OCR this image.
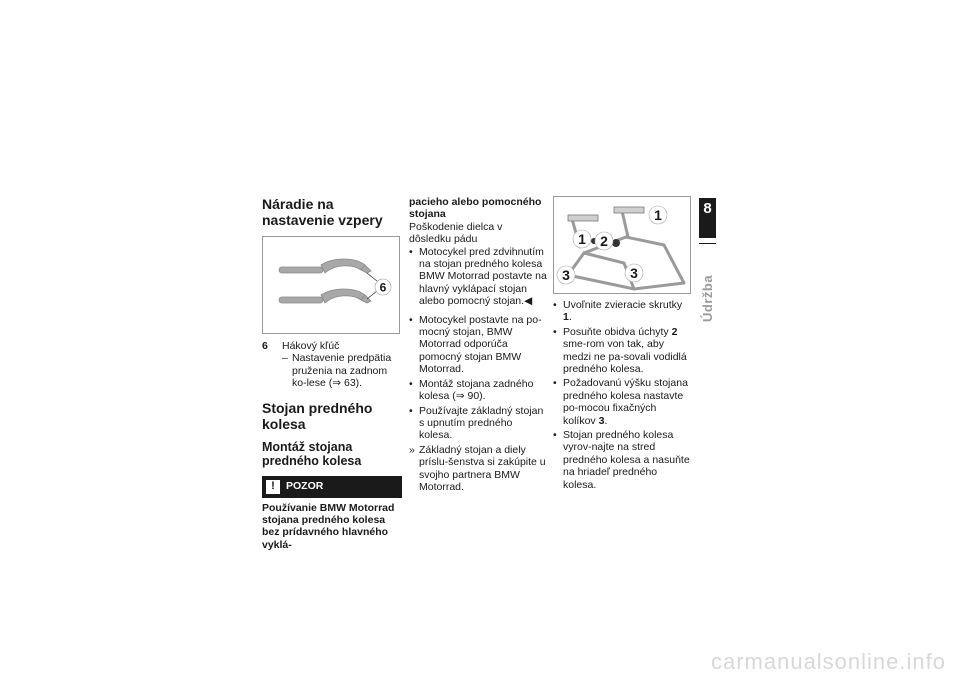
Náradie na nastavenie vzpery
6
6	Hákový kľúč
– Nastavenie predpätia pruženia na zadnom ko-lese (⇒ 63).
Stojan predného kolesa
Montáž stojana predného kolesa
!	POZOR
Používanie BMW Motorrad stojana predného kolesa bez prídavného hlavného vyklá-
pacieho alebo pomocného stojana
Poškodenie dielca v dôsledku pádu
• Motocykel pred zdvihnutím na stojan predného kolesa BMW Motorrad postavte na hlavný vyklápací stojan alebo pomocný stojan.◀
• Motocykel postavte na po-mocný stojan, BMW Motorrad odporúča pomocný stojan BMW Motorrad.
• Montáž stojana zadného kolesa (⇒ 90).
• Používajte základný stojan s upnutím predného kolesa.
» Základný stojan a diely príslu-šenstva si zakúpite u svojho partnera BMW Motorrad.
1
1 2
3	3
• Uvoľnite zvieracie skrutky 1.
• Posuňte obidva úchyty 2 sme-rom von tak, aby medzi ne pa-sovali vodidlá predného kolesa.
• Požadovanú výšku stojana predného kolesa nastavte po-mocou fixačných kolíkov 3.
• Stojan predného kolesa vyrov-najte na stred predného kolesa a nasuňte na hriadeľ predného kolesa.
8
89
Údržba
carmanualsonline.info
